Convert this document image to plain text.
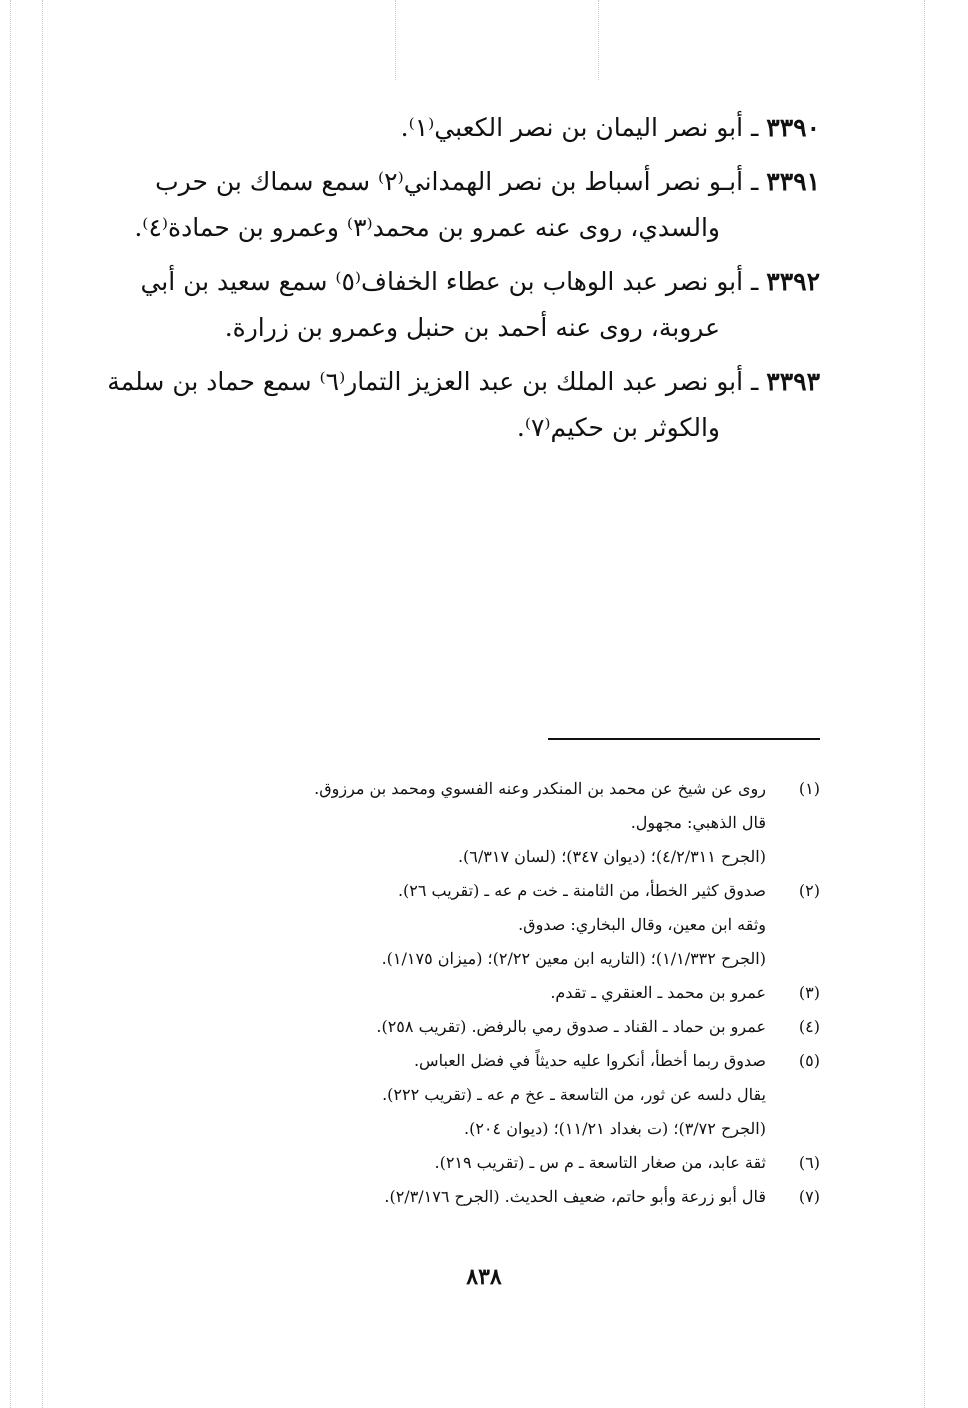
٣٣٩٠ ـ أبو نصر اليمان بن نصر الكعبي⁽١⁾.
٣٣٩١ ـ أبـو نصر أسباط بن نصر الهمداني⁽٢⁾ سمع سماك بن حرب
والسدي، روى عنه عمرو بن محمد⁽٣⁾ وعمرو بن حمادة⁽٤⁾.
٣٣٩٢ ـ أبو نصر عبد الوهاب بن عطاء الخفاف⁽٥⁾ سمع سعيد بن أبي
عروبة، روى عنه أحمد بن حنبل وعمرو بن زرارة.
٣٣٩٣ ـ أبو نصر عبد الملك بن عبد العزيز التمار⁽٦⁾ سمع حماد بن سلمة
والكوثر بن حكيم⁽٧⁾.
(١)روى عن شيخ عن محمد بن المنكدر وعنه الفسوي ومحمد بن مرزوق.
قال الذهبي: مجهول.
(الجرح ٤/٢/٣١١)؛ (ديوان ٣٤٧)؛ (لسان ٦/٣١٧).
(٢)صدوق كثير الخطأ، من الثامنة ـ خت م عه ـ (تقريب ٢٦).
وثقه ابن معين، وقال البخاري: صدوق.
(الجرح ١/١/٣٣٢)؛ (التاريه ابن معين ٢/٢٢)؛ (ميزان ١/١٧٥).
(٣)عمرو بن محمد ـ العنقري ـ تقدم.
(٤)عمرو بن حماد ـ القناد ـ صدوق رمي بالرفض. (تقريب ٢٥٨).
(٥)صدوق ربما أخطأ، أنكروا عليه حديثاً في فضل العباس.
يقال دلسه عن ثور، من التاسعة ـ عخ م عه ـ (تقريب ٢٢٢).
(الجرح ٣/٧٢)؛ (ت بغداد ١١/٢١)؛ (ديوان ٢٠٤).
(٦)ثقة عابد، من صغار التاسعة ـ م س ـ (تقريب ٢١٩).
(٧)قال أبو زرعة وأبو حاتم، ضعيف الحديث. (الجرح ٢/٣/١٧٦).
٨٣٨
